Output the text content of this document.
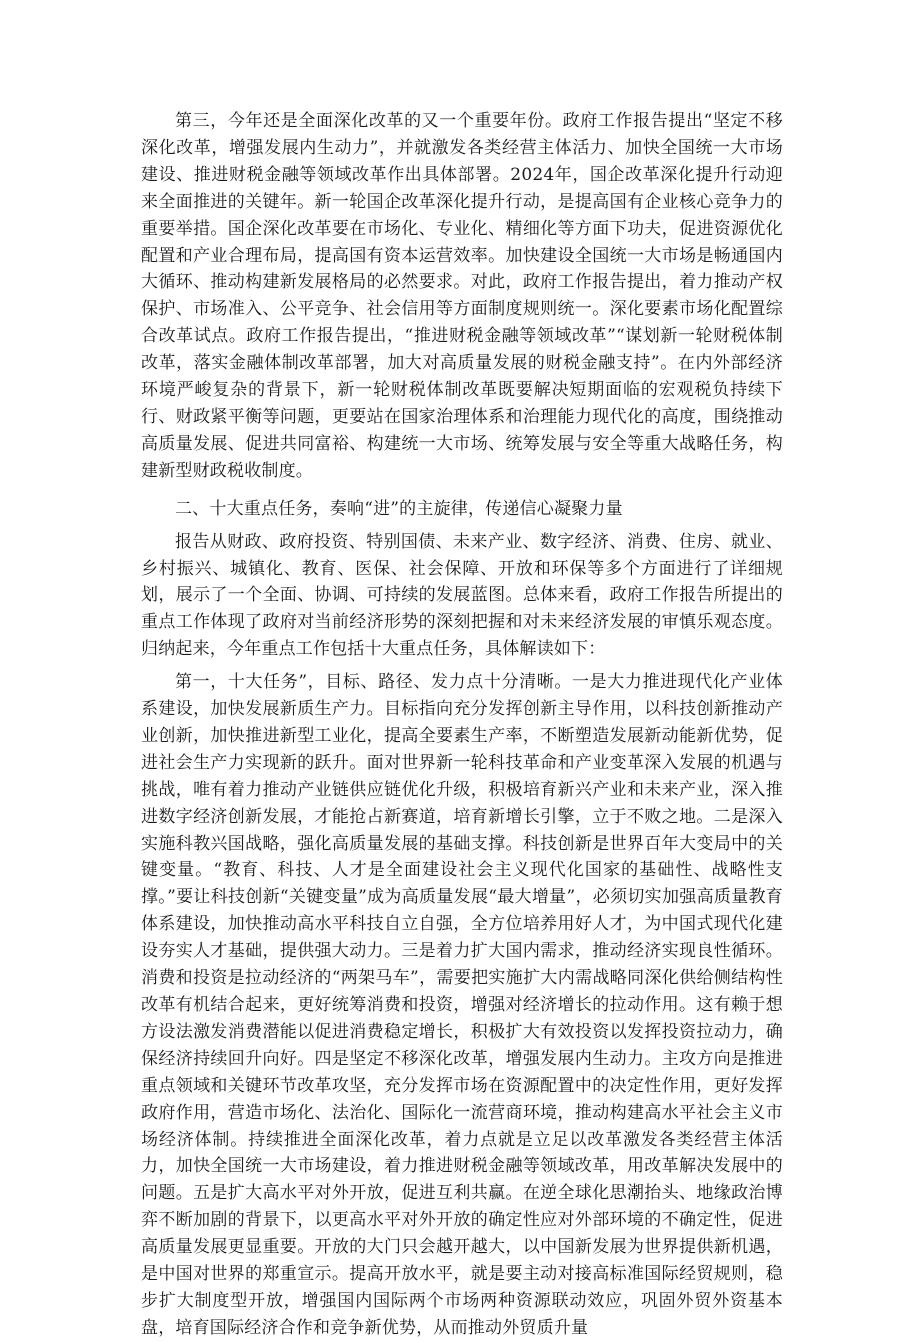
第三，今年还是全面深化改革的又一个重要年份。政府工作报告提出“坚定不移深化改革，增强发展内生动力”，并就激发各类经营主体活力、加快全国统一大市场建设、推进财税金融等领域改革作出具体部署。2024年，国企改革深化提升行动迎来全面推进的关键年。新一轮国企改革深化提升行动，是提高国有企业核心竞争力的重要举措。国企深化改革要在市场化、专业化、精细化等方面下功夫，促进资源优化配置和产业合理布局，提高国有资本运营效率。加快建设全国统一大市场是畅通国内大循环、推动构建新发展格局的必然要求。对此，政府工作报告提出，着力推动产权保护、市场准入、公平竞争、社会信用等方面制度规则统一。深化要素市场化配置综合改革试点。政府工作报告提出，“推进财税金融等领域改革”“谋划新一轮财税体制改革，落实金融体制改革部署，加大对高质量发展的财税金融支持”。在内外部经济环境严峻复杂的背景下，新一轮财税体制改革既要解决短期面临的宏观税负持续下行、财政紧平衡等问题，更要站在国家治理体系和治理能力现代化的高度，围绕推动高质量发展、促进共同富裕、构建统一大市场、统筹发展与安全等重大战略任务，构建新型财政税收制度。

二、十大重点任务，奏响“进”的主旋律，传递信心凝聚力量

报告从财政、政府投资、特别国债、未来产业、数字经济、消费、住房、就业、乡村振兴、城镇化、教育、医保、社会保障、开放和环保等多个方面进行了详细规划，展示了一个全面、协调、可持续的发展蓝图。总体来看，政府工作报告所提出的重点工作体现了政府对当前经济形势的深刻把握和对未来经济发展的审慎乐观态度。归纳起来，今年重点工作包括十大重点任务，具体解读如下：

第一，十大任务”，目标、路径、发力点十分清晰。一是大力推进现代化产业体系建设，加快发展新质生产力。目标指向充分发挥创新主导作用，以科技创新推动产业创新，加快推进新型工业化，提高全要素生产率，不断塑造发展新动能新优势，促进社会生产力实现新的跃升。面对世界新一轮科技革命和产业变革深入发展的机遇与挑战，唯有着力推动产业链供应链优化升级，积极培育新兴产业和未来产业，深入推进数字经济创新发展，才能抢占新赛道，培育新增长引擎，立于不败之地。二是深入实施科教兴国战略，强化高质量发展的基础支撑。科技创新是世界百年大变局中的关键变量。“教育、科技、人才是全面建设社会主义现代化国家的基础性、战略性支撑。”要让科技创新“关键变量”成为高质量发展“最大增量”，必须切实加强高质量教育体系建设，加快推动高水平科技自立自强，全方位培养用好人才，为中国式现代化建设夯实人才基础，提供强大动力。三是着力扩大国内需求，推动经济实现良性循环。消费和投资是拉动经济的“两架马车”，需要把实施扩大内需战略同深化供给侧结构性改革有机结合起来，更好统筹消费和投资，增强对经济增长的拉动作用。这有赖于想方设法激发消费潜能以促进消费稳定增长，积极扩大有效投资以发挥投资拉动力，确保经济持续回升向好。四是坚定不移深化改革，增强发展内生动力。主攻方向是推进重点领域和关键环节改革攻坚，充分发挥市场在资源配置中的决定性作用，更好发挥政府作用，营造市场化、法治化、国际化一流营商环境，推动构建高水平社会主义市场经济体制。持续推进全面深化改革，着力点就是立足以改革激发各类经营主体活力，加快全国统一大市场建设，着力推进财税金融等领域改革，用改革解决发展中的问题。五是扩大高水平对外开放，促进互利共赢。在逆全球化思潮抬头、地缘政治博弈不断加剧的背景下，以更高水平对外开放的确定性应对外部环境的不确定性，促进高质量发展更显重要。开放的大门只会越开越大，以中国新发展为世界提供新机遇，是中国对世界的郑重宣示。提高开放水平，就是要主动对接高标准国际经贸规则，稳步扩大制度型开放，增强国内国际两个市场两种资源联动效应，巩固外贸外资基本盘，培育国际经济合作和竞争新优势，从而推动外贸质升量
